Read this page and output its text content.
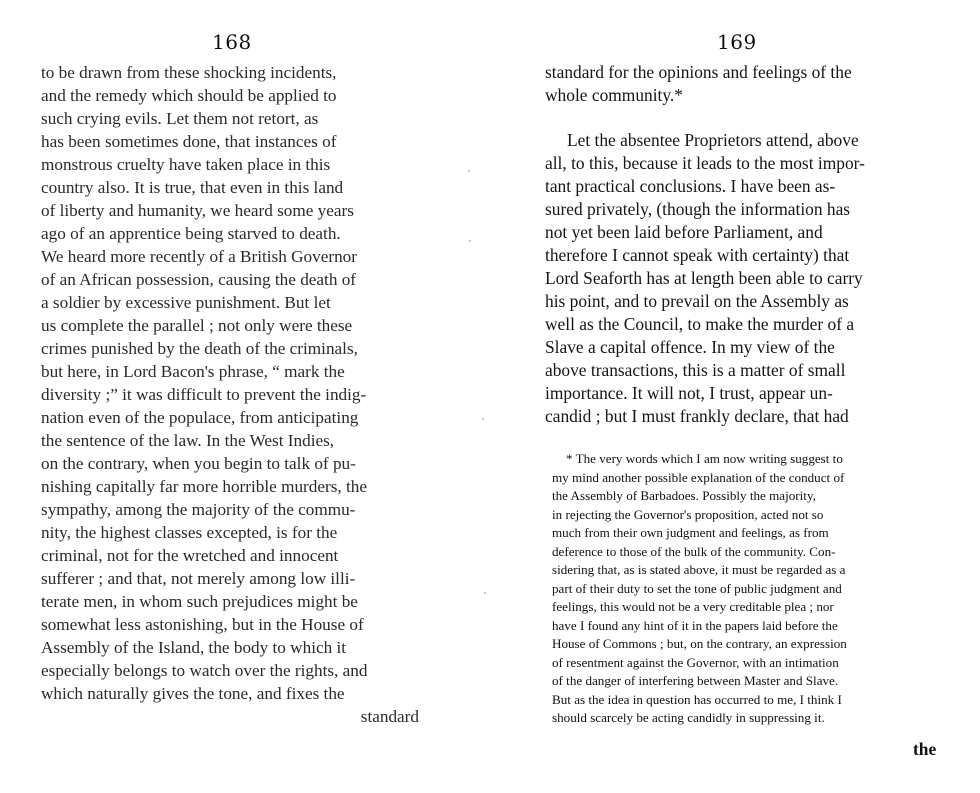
168
to be drawn from these shocking incidents,
and the remedy which should be applied to
such crying evils. Let them not retort, as
has been sometimes done, that instances of
monstrous cruelty have taken place in this
country also. It is true, that even in this land
of liberty and humanity, we heard some years
ago of an apprentice being starved to death.
We heard more recently of a British Governor
of an African possession, causing the death of
a soldier by excessive punishment. But let
us complete the parallel ; not only were these
crimes punished by the death of the criminals,
but here, in Lord Bacon's phrase, “ mark the
diversity ;” it was difficult to prevent the indig-
nation even of the populace, from anticipating
the sentence of the law. In the West Indies,
on the contrary, when you begin to talk of pu-
nishing capitally far more horrible murders, the
sympathy, among the majority of the commu-
nity, the highest classes excepted, is for the
criminal, not for the wretched and innocent
sufferer ; and that, not merely among low illi-
terate men, in whom such prejudices might be
somewhat less astonishing, but in the House of
Assembly of the Island, the body to which it
especially belongs to watch over the rights, and
which naturally gives the tone, and fixes the
standard
169
standard for the opinions and feelings of the
whole community.*
Let the absentee Proprietors attend, above
all, to this, because it leads to the most impor-
tant practical conclusions. I have been as-
sured privately, (though the information has
not yet been laid before Parliament, and
therefore I cannot speak with certainty) that
Lord Seaforth has at length been able to carry
his point, and to prevail on the Assembly as
well as the Council, to make the murder of a
Slave a capital offence. In my view of the
above transactions, this is a matter of small
importance. It will not, I trust, appear un-
candid ; but I must frankly declare, that had
* The very words which I am now writing suggest to
my mind another possible explanation of the conduct of
the Assembly of Barbadoes. Possibly the majority,
in rejecting the Governor's proposition, acted not so
much from their own judgment and feelings, as from
deference to those of the bulk of the community. Con-
sidering that, as is stated above, it must be regarded as a
part of their duty to set the tone of public judgment and
feelings, this would not be a very creditable plea ; nor
have I found any hint of it in the papers laid before the
House of Commons ; but, on the contrary, an expression
of resentment against the Governor, with an intimation
of the danger of interfering between Master and Slave.
But as the idea in question has occurred to me, I think I
should scarcely be acting candidly in suppressing it.
the
